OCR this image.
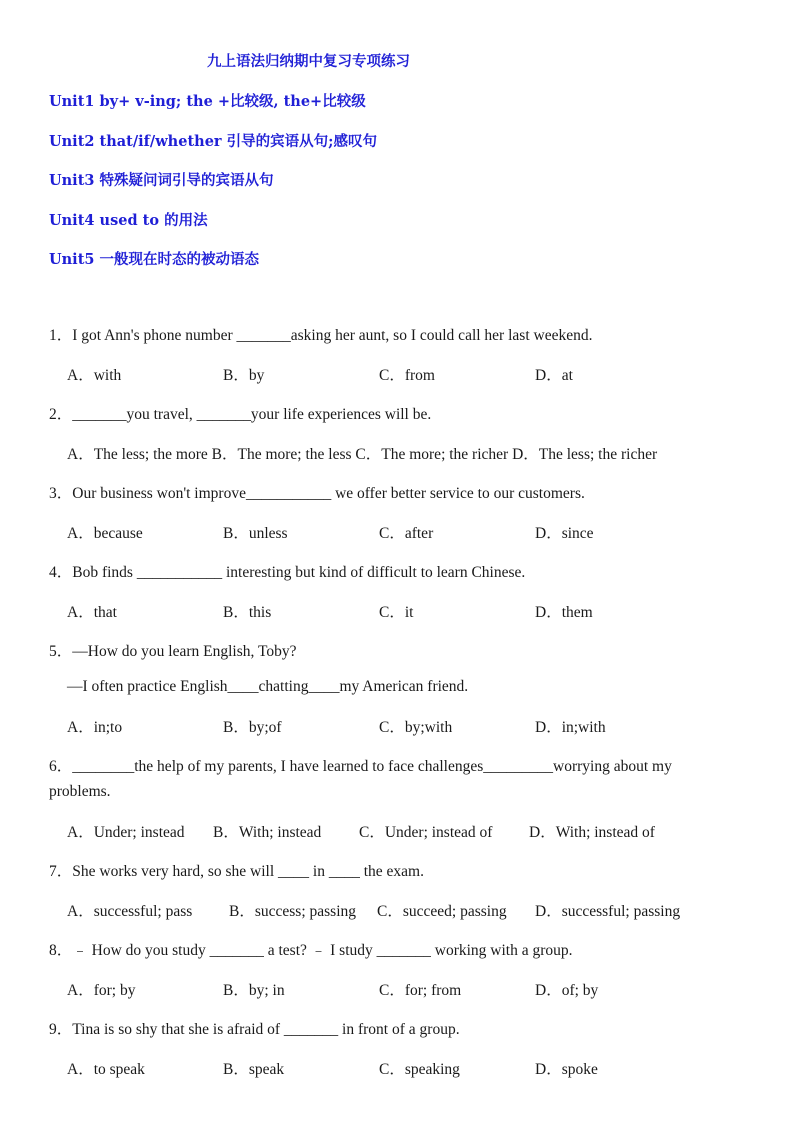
九上语法归纳期中复习专项练习
Unit1 by+ v-ing; the +比较级, the+比较级
Unit2 that/if/whether 引导的宾语从句;感叹句
Unit3 特殊疑问词引导的宾语从句
Unit4 used to 的用法
Unit5 一般现在时态的被动语态
1．I got Ann's phone number _______asking her aunt, so I could call her last weekend.
A．with	B．by	C．from	D．at
2．_______you travel, _______your life experiences will be.
A．The less; the more B．The more; the less C．The more; the richer D．The less; the richer
3．Our business won't improve___________ we offer better service to our customers.
A．because	B．unless	C．after	D．since
4．Bob finds ___________ interesting but kind of difficult to learn Chinese.
A．that	B．this	C．it	D．them
5．—How do you learn English, Toby?
—I often practice English____chatting____my American friend.
A．in;to	B．by;of	C．by;with	D．in;with
6．________the help of my parents, I have learned to face challenges_________worrying about my
problems.
A．Under; instead B．With; instead C．Under; instead of D．With; instead of
7．She works very hard, so she will ____ in ____ the exam.
A．successful; pass B．success; passing C．succeed; passing D．successful; passing
8．﹣ How do you study _______ a test? ﹣ I study _______ working with a group.
A．for; by	B．by; in	C．for; from	D．of; by
9．Tina is so shy that she is afraid of _______ in front of a group.
A．to speak	B．speak	C．speaking	D．spoke
